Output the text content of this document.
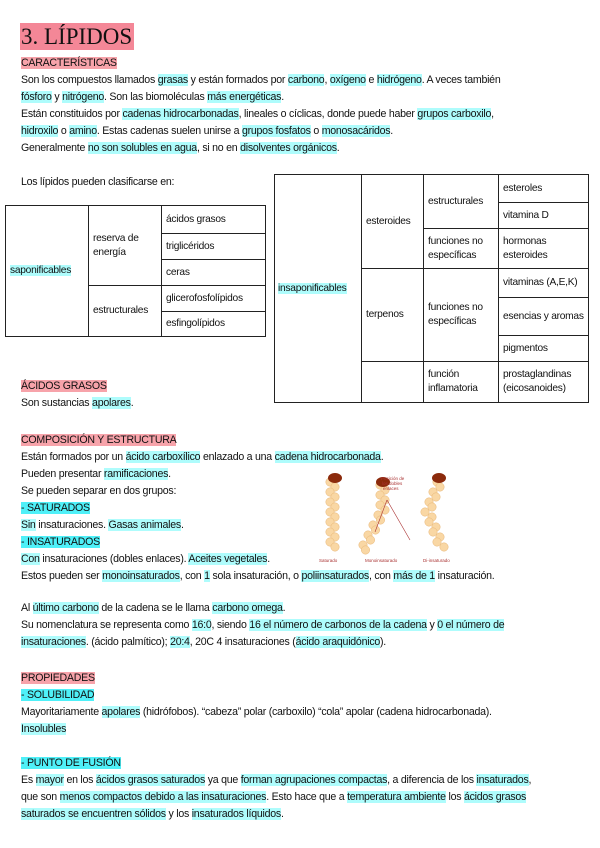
3. LÍPIDOS
CARACTERÍSTICAS
Son los compuestos llamados grasas y están formados por carbono, oxígeno e hidrógeno. A veces también
fósforo y nitrógeno. Son las biomoléculas más energéticas.
Están constituidos por cadenas hidrocarbonadas, lineales o cíclicas, donde puede haber grupos carboxilo,
hidroxilo o amino. Estas cadenas suelen unirse a grupos fosfatos o monosacáridos.
Generalmente no son solubles en agua, si no en disolventes orgánicos.
Los lípidos pueden clasificarse en:
saponificables	reserva de energía	ácidos grasos
		triglicéridos
		ceras
	estructurales	glicerofosfolípidos
		esfingolípidos
insaponificables	esteroides	estructurales	esteroles
			vitamina D
		funciones no específicas	hormonas esteroides
	terpenos	funciones no específicas	vitaminas (A,E,K)
			esencias y aromas
			pigmentos
		función inflamatoria	prostaglandinas (eicosanoides)
ÁCIDOS GRASOS
Son sustancias apolares.
COMPOSICIÓN Y ESTRUCTURA
Están formados por un ácido carboxílico enlazado a una cadena hidrocarbonada.
Pueden presentar ramificaciones.
Se pueden separar en dos grupos:
- SATURADOS
Sin insaturaciones. Gasas animales.
- INSATURADOS
Con insaturaciones (dobles enlaces). Aceites vegetales.
Estos pueden ser monoinsaturados, con 1 sola insaturación, o poliinsaturados, con más de 1 insaturación.
Posición de
los dobles
enlaces
Saturado	Monoinsaturado	Di-insaturado
Al último carbono de la cadena se le llama carbono omega.
Su nomenclatura se representa como 16:0, siendo 16 el número de carbonos de la cadena y 0 el número de
insaturaciones. (ácido palmítico); 20:4, 20C 4 insaturaciones (ácido araquidónico).
PROPIEDADES
- SOLUBILIDAD
Mayoritariamente apolares (hidrófobos). “cabeza” polar (carboxilo) “cola” apolar (cadena hidrocarbonada).
Insolubles
- PUNTO DE FUSIÓN
Es mayor en los ácidos grasos saturados ya que forman agrupaciones compactas, a diferencia de los insaturados,
que son menos compactos debido a las insaturaciones. Esto hace que a temperatura ambiente los ácidos grasos
saturados se encuentren sólidos y los insaturados líquidos.
